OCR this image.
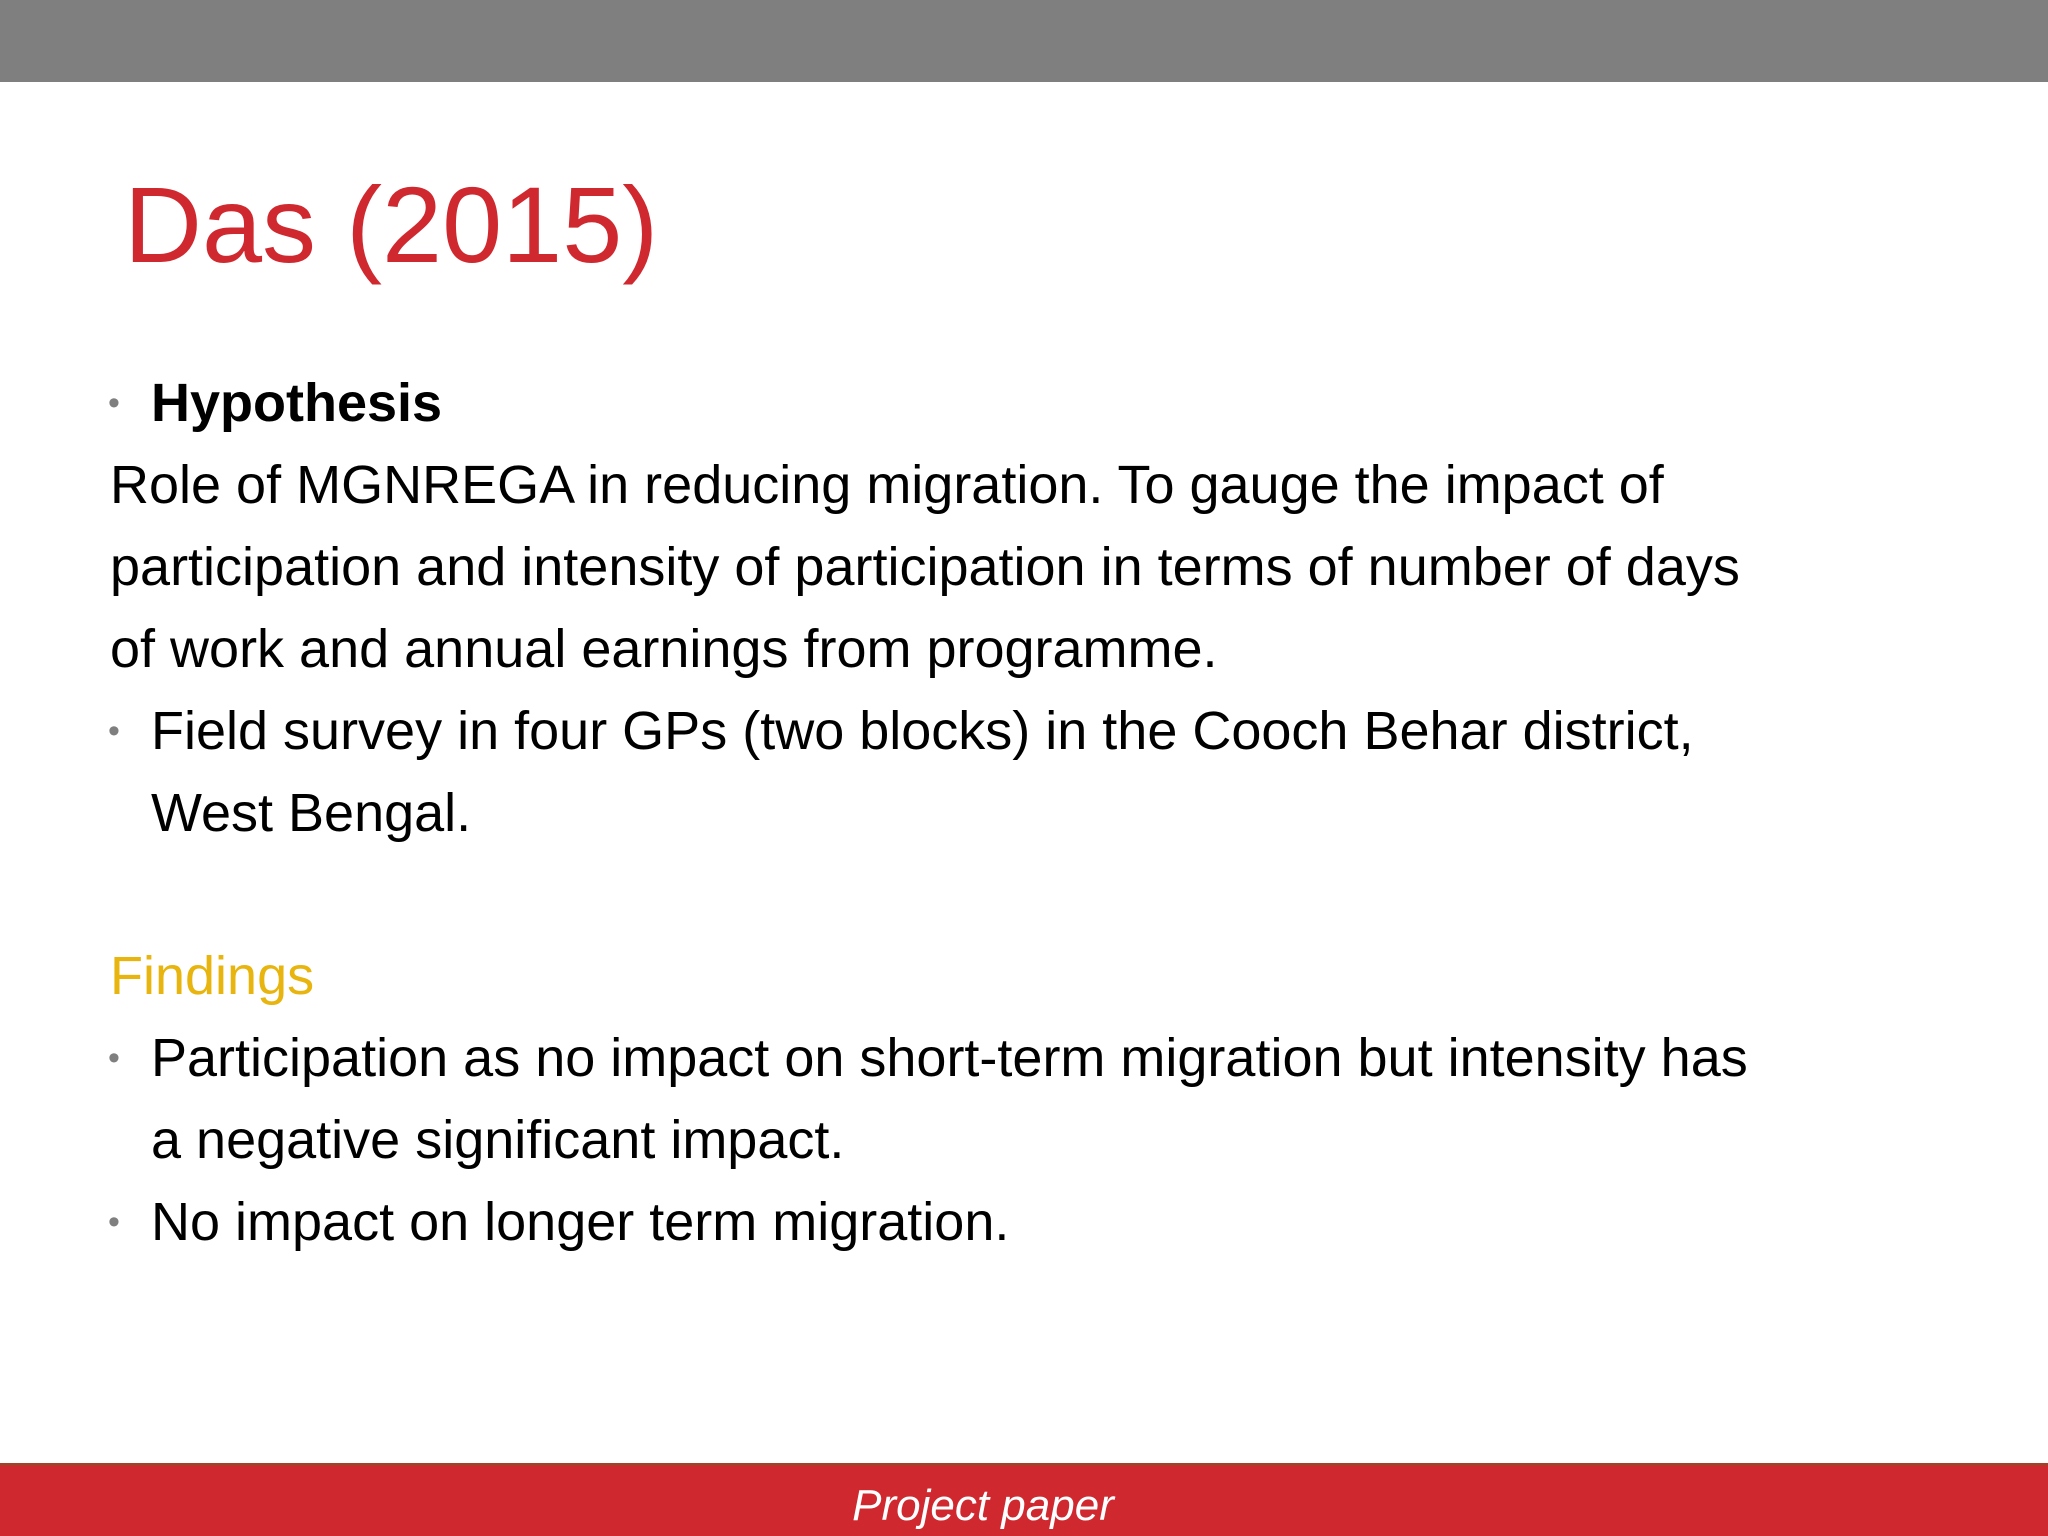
Das (2015)
• Hypothesis
Role of MGNREGA in reducing migration. To gauge the impact of
participation and intensity of participation in terms of number of days
of work and annual earnings from programme.
• Field survey in four GPs (two blocks) in the Cooch Behar district,
West Bengal.
Findings
• Participation as no impact on short-term migration but intensity has
a negative significant impact.
• No impact on longer term migration.
Project paper
